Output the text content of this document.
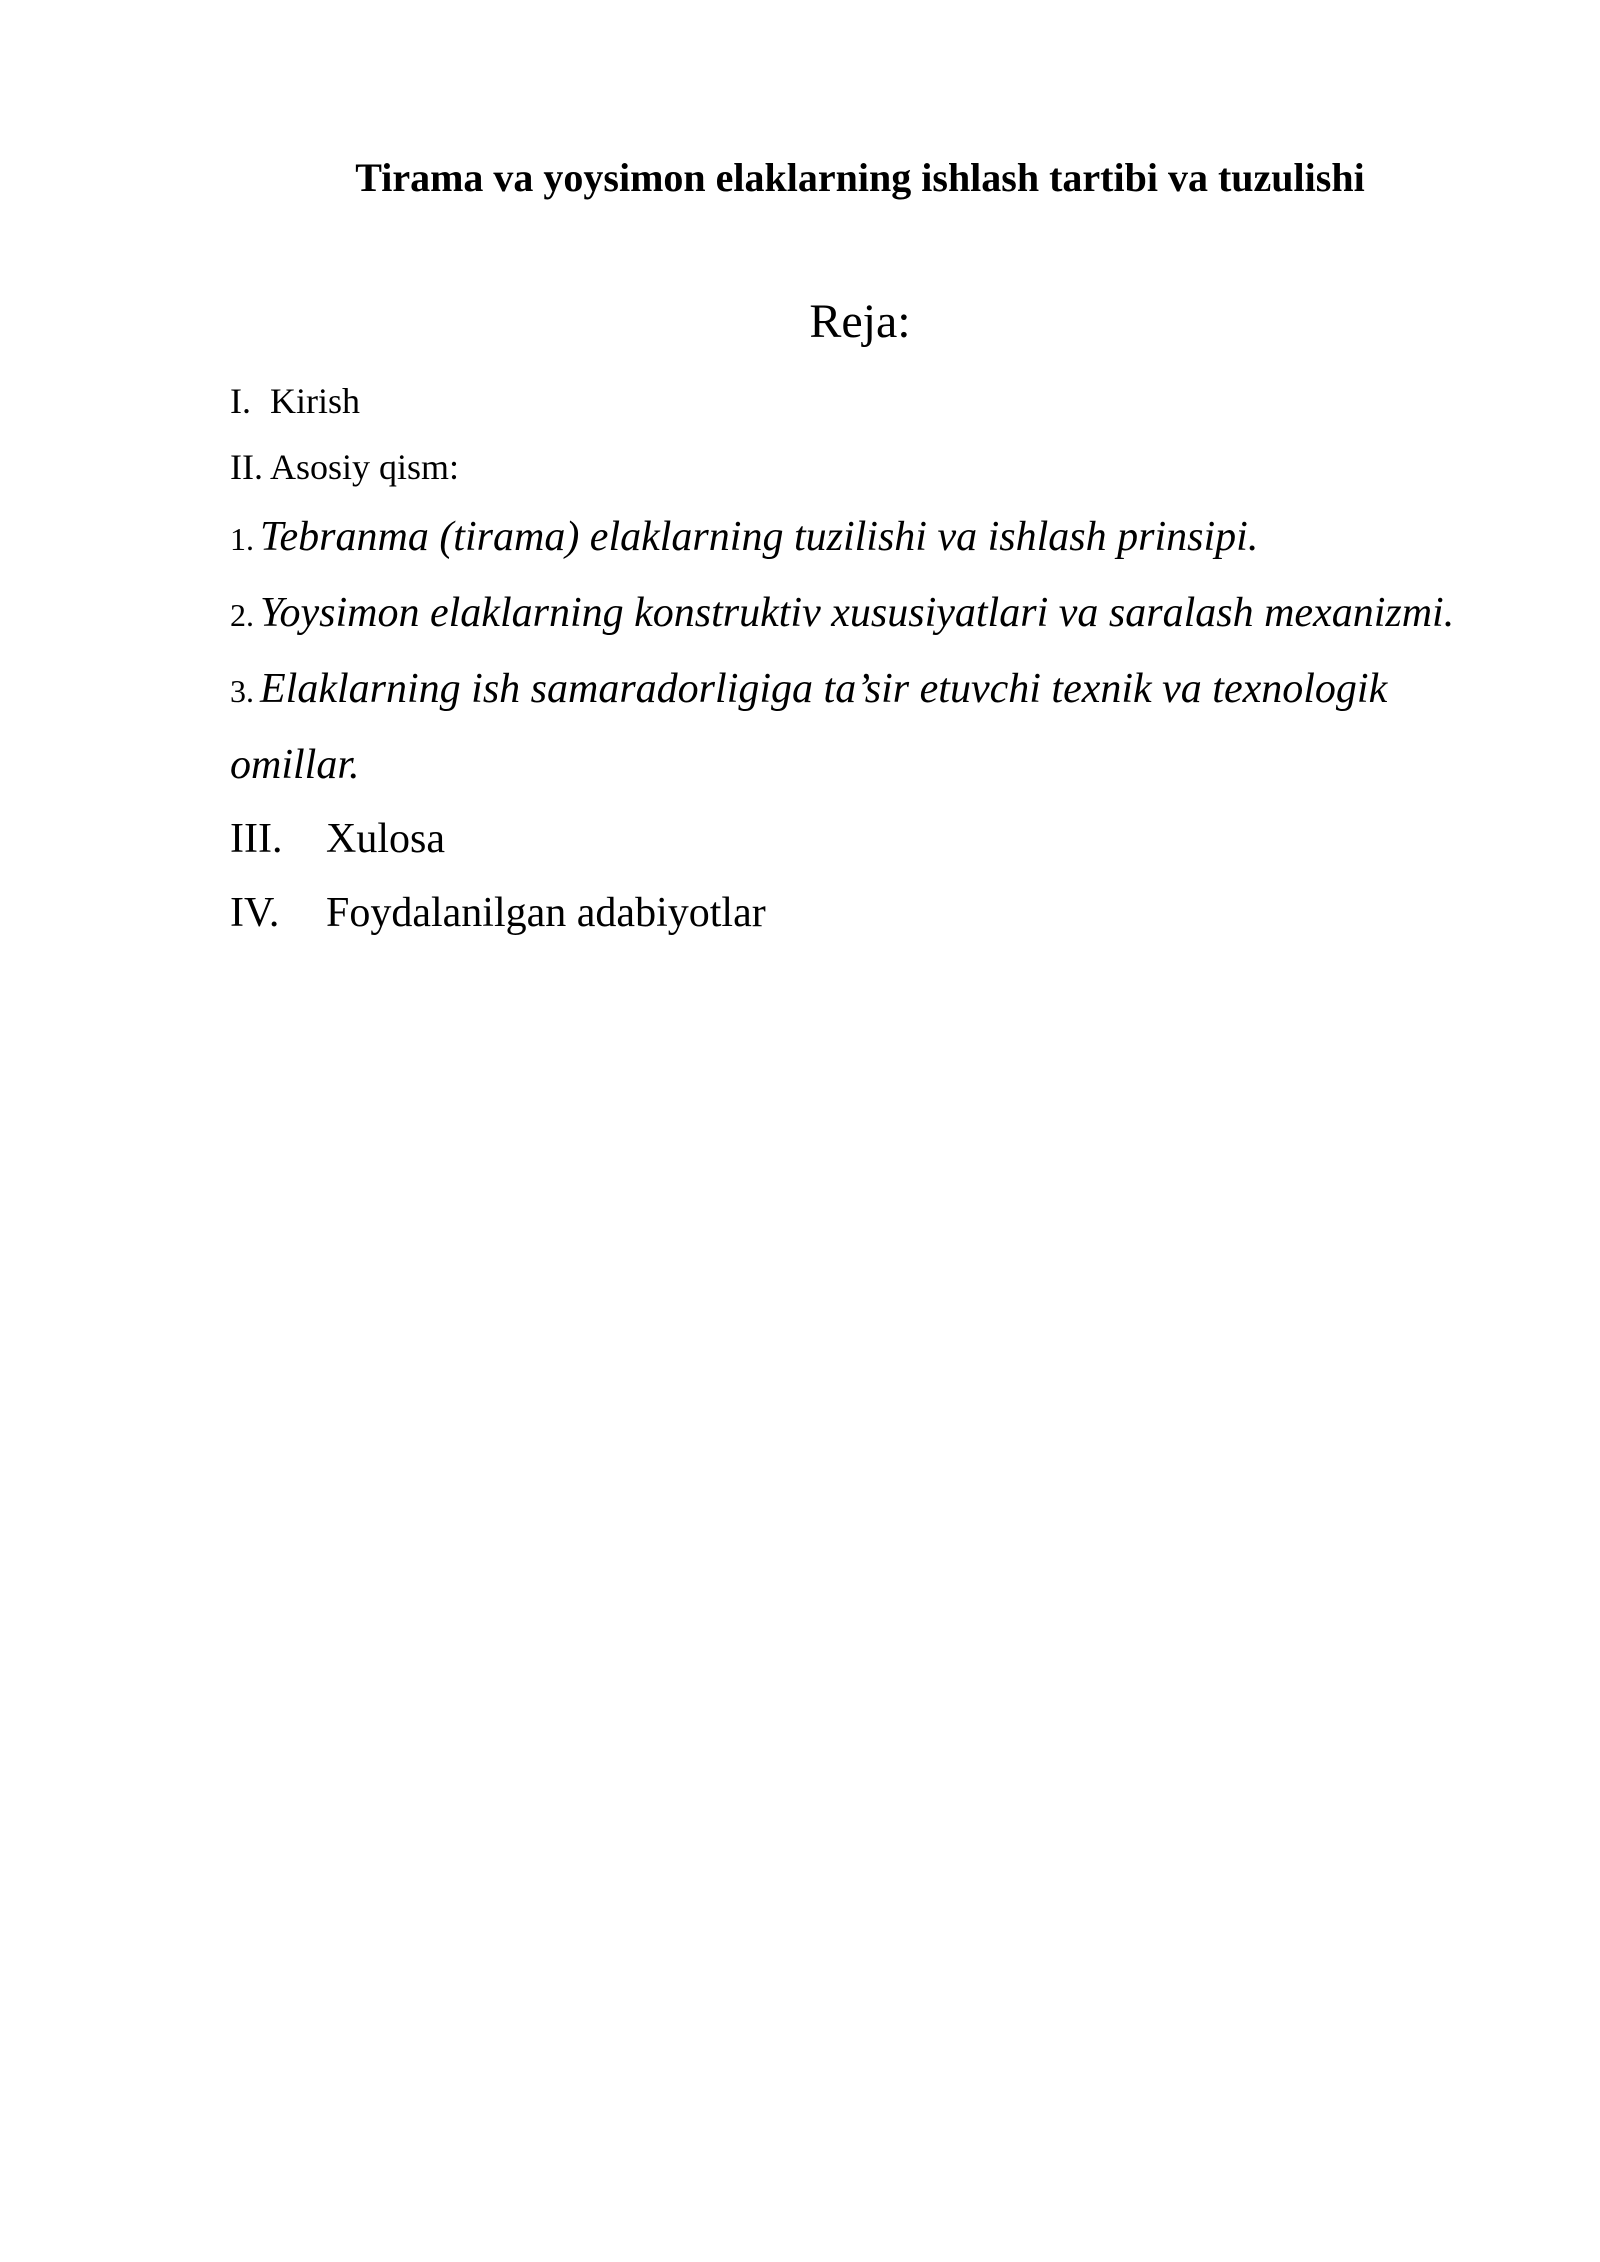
Tirama va yoysimon elaklarning ishlash tartibi va tuzulishi
Reja:
I. Kirish
II. Asosiy qism:
1. Tebranma (tirama) elaklarning tuzilishi va ishlash prinsipi.
2. Yoysimon elaklarning konstruktiv xususiyatlari va saralash mexanizmi.
3. Elaklarning ish samaradorligiga ta’sir etuvchi texnik va texnologik omillar.
III.	Xulosa
IV.	Foydalanilgan adabiyotlar
